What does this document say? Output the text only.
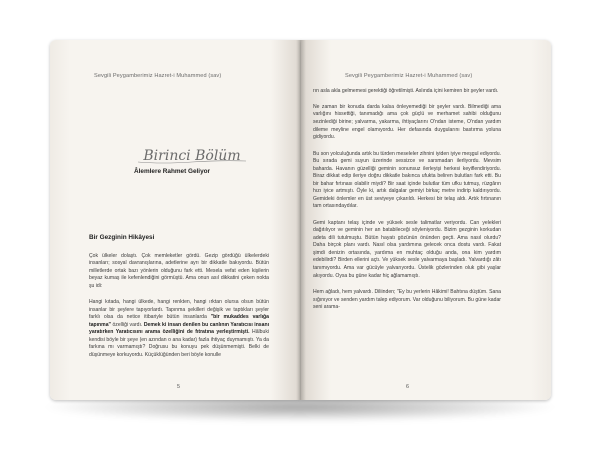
Sevgili Peygamberimiz Hazret-i Muhammed (sav)
Birinci Bölüm
Âlemlere Rahmet Geliyor
Bir Gezginin Hikâyesi

Çok ülkeler dolaştı. Çok memleketler gördü. Gezip gördüğü ülkelerdeki insanları; sosyal davranışlarına, adetlerine ayrı bir dikkatle bakıyordu. Bütün milletlerde ortak bazı yönlerin olduğunu fark etti. Mesela vefat eden kişilerin beyaz kumaş ile kefenlendiğini görmüştü. Ama onun asıl dikkatini çeken nokta şu idi:

Hangi kıtada, hangi ülkede, hangi renkten, hangi ırktan olursa olsun bütün insanlar bir şeylere tapıyorlardı. Tapınma şekilleri değişik ve taptıkları şeyler farklı olsa da netice itibariyle bütün insanlarda "bir mukaddes varlığa tapınma" özelliği vardı. Demek ki insan denilen bu canlının Yaratıcısı insanı yaratırken Yaratıcısını arama özelliğini de fıtratına yerleştirmişti. Hâlbuki kendisi böyle bir şeye (en azından o ana kadar) fazla ihtiyaç duymamıştı. Ya da farkına mı varmamıştı? Doğrusu bu konuyu pek düşünmemişti. Belki de düşünmeye korkuyordu. Küçüklüğünden beri böyle konulle

5
Sevgili Peygamberimiz Hazret-i Muhammed (sav)

rın asla akla gelmemesi gerektiği öğretilmişti. Aslında içini kemiren bir şeyler vardı.

Ne zaman bir konuda darda kalsa önleyemediği bir şeyler vardı. Bilmediği ama varlığını hissettiği, tanımadığı ama çok güçlü ve merhamet sahibi olduğunu sezinlediği birine; yalvarma, yakarma, ihtiyaçlarını O'ndan isteme, O'ndan yardım dileme meyline engel olamıyordu. Her defasında duygularını bastırma yoluna gidiyordu.

Bu son yolculuğunda artık bu türden meseleler zihnini iyiden iyiye meşgul ediyordu. Bu sırada gemi suyun üzerinde sessizce ve sarsmadan ilerliyordu. Mevsim baharda. Havanın güzelliği geminin sonunsuz ilerleyişi herkesi keyiflendiriyordu. Biraz dikkat edip ileriye doğru dikkatle bakınca ufukta beliren bulutları fark etti. Bu bir bahar fırtınası olabilir miydi? Bir saat içinde bulutlar tüm ufku tutmuş, rüzgârın hızı iyice artmıştı. Öyle ki, artık dalgalar gemiyi birkaç metre indirip kaldırıyordu. Gemideki önlemler en üst seviyeye çıkarıldı. Herkesi bir telaş aldı. Artık fırtınanın tam ortasındaydılar.

Gemi kaptanı telaş içinde ve yüksek sesle talimatlar veriyordu. Can yelekleri dağıtılıyor ve geminin her an batabileceği söyleniyordu. Bizim gezginin korkudan adeta dili tutulmuştu. Bütün hayatı gözünün önünden geçti. Ama nasıl olurdu? Daha birçok planı vardı. Nasıl olsa yardımına gelecek onca dostu vardı. Fakat şimdi denizin ortasında, yardıma en muhtaç olduğu anda, ona kim yardım edebilirdi? Birden ellerini açtı. Ve yüksek sesle yalvarmaya başladı. Yalvardığı zâtı tanımıyordu. Ama var gücüyle yalvarıyordu. Üstelik gözlerinden oluk gibi yaşlar akıyordu. Oysa bu güne kadar hiç ağlamamıştı.

Hem ağladı, hem yalvardı. Diliinden; "Ey bu yerlerin Hâkimi! Bahtına düştüm. Sana sığınıyor ve senden yardım talep ediyorum. Var olduğunu biliyorum. Bu güne kadar seni arama-

6
